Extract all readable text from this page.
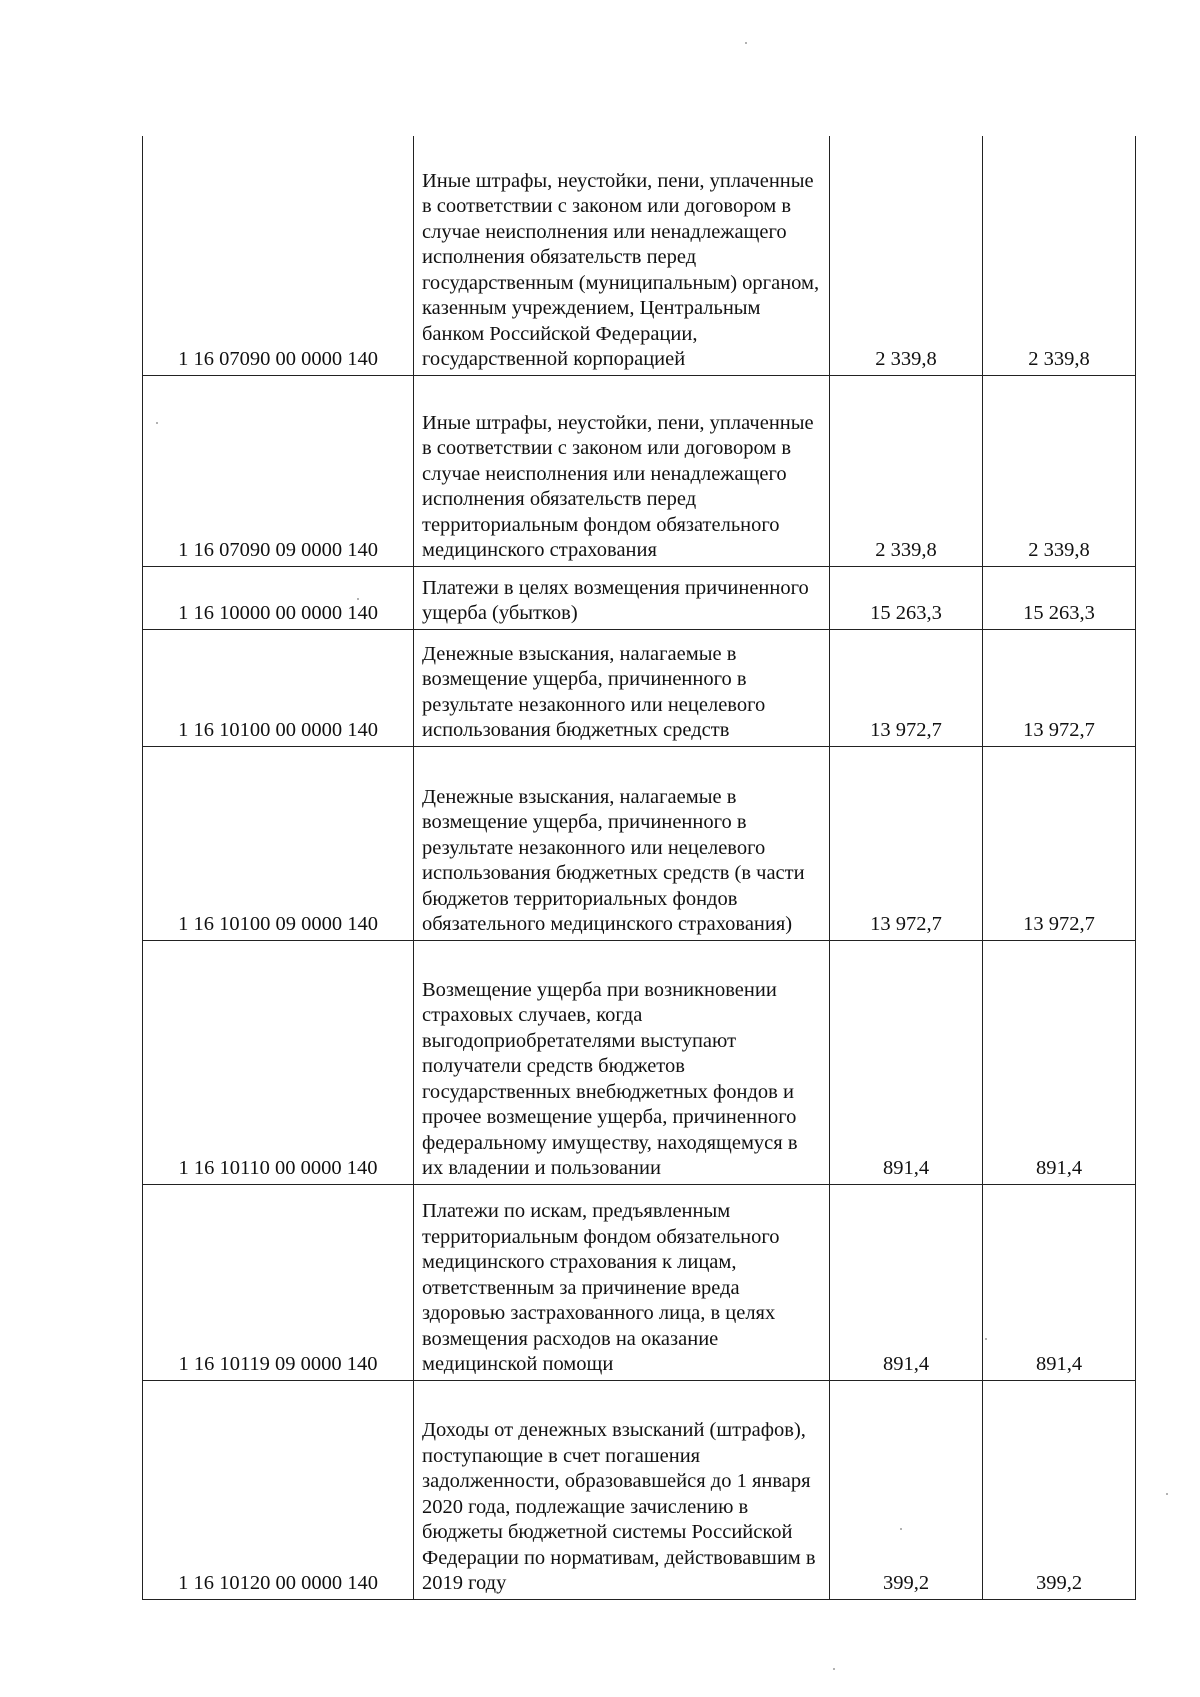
1 16 07090 00 0000 140	Иные штрафы, неустойки, пени, уплаченные в соответствии с законом или договором в случае неисполнения или ненадлежащего исполнения обязательств перед государственным (муниципальным) органом, казенным учреждением, Центральным банком Российской Федерации, государственной корпорацией	2 339,8	2 339,8
1 16 07090 09 0000 140	Иные штрафы, неустойки, пени, уплаченные в соответствии с законом или договором в случае неисполнения или ненадлежащего исполнения обязательств перед территориальным фондом обязательного медицинского страхования	2 339,8	2 339,8
1 16 10000 00 0000 140	Платежи в целях возмещения причиненного ущерба (убытков)	15 263,3	15 263,3
1 16 10100 00 0000 140	Денежные взыскания, налагаемые в возмещение ущерба, причиненного в результате незаконного или нецелевого использования бюджетных средств	13 972,7	13 972,7
1 16 10100 09 0000 140	Денежные взыскания, налагаемые в возмещение ущерба, причиненного в результате незаконного или нецелевого использования бюджетных средств (в части бюджетов территориальных фондов обязательного медицинского страхования)	13 972,7	13 972,7
1 16 10110 00 0000 140	Возмещение ущерба при возникновении страховых случаев, когда выгодоприобретателями выступают получатели средств бюджетов государственных внебюджетных фондов и прочее возмещение ущерба, причиненного федеральному имуществу, находящемуся в их владении и пользовании	891,4	891,4
1 16 10119 09 0000 140	Платежи по искам, предъявленным территориальным фондом обязательного медицинского страхования к лицам, ответственным за причинение вреда здоровью застрахованного лица, в целях возмещения расходов на оказание медицинской помощи	891,4	891,4
1 16 10120 00 0000 140	Доходы от денежных взысканий (штрафов), поступающие в счет погашения задолженности, образовавшейся до 1 января 2020 года, подлежащие зачислению в бюджеты бюджетной системы Российской Федерации по нормативам, действовавшим в 2019 году	399,2	399,2
